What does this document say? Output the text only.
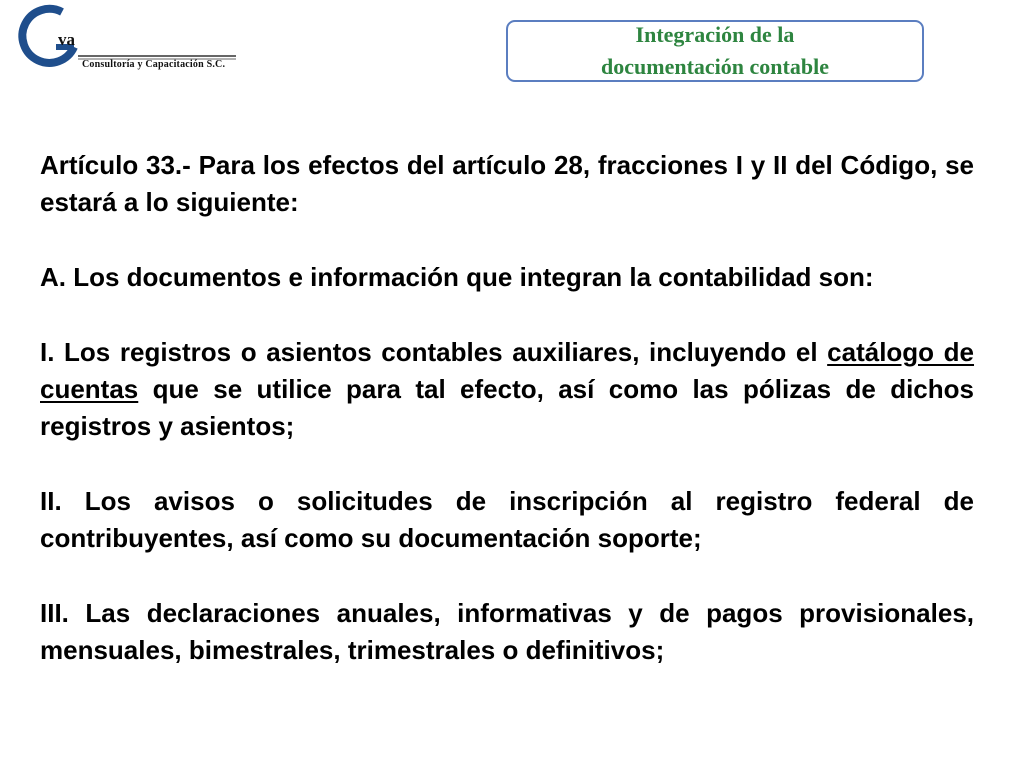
va
Consultoría y Capacitación S.C.
Integración de la
documentación contable

Artículo 33.- Para los efectos del artículo 28, fracciones I y II del Código, se estará a lo siguiente:

A. Los documentos e información que integran la contabilidad son:

I. Los registros o asientos contables auxiliares, incluyendo el catálogo de cuentas que se utilice para tal efecto, así como las pólizas de dichos registros y asientos;

II. Los avisos o solicitudes de inscripción al registro federal de contribuyentes, así como su documentación soporte;

III. Las declaraciones anuales, informativas y de pagos provisionales, mensuales, bimestrales, trimestrales o definitivos;
